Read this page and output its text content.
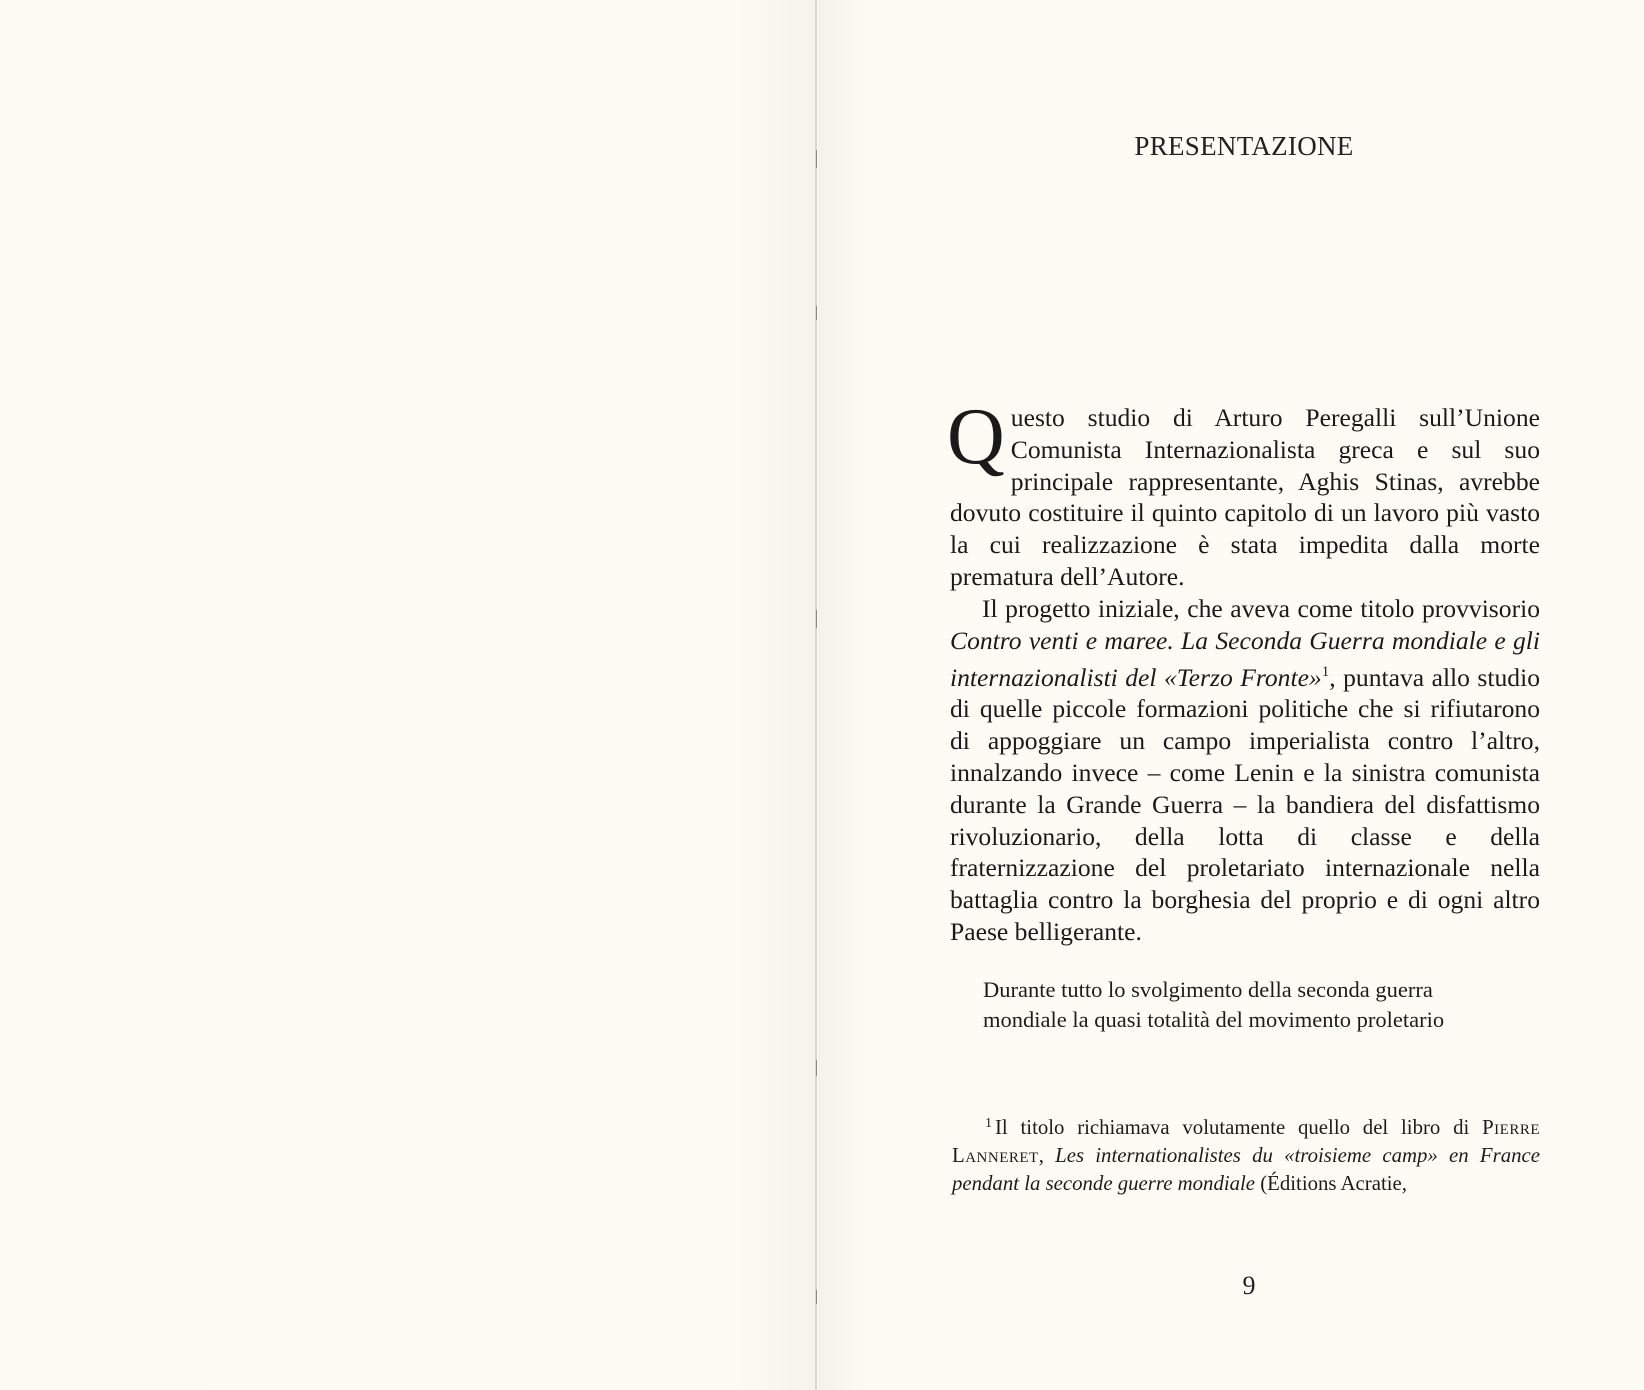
PRESENTAZIONE
Questo studio di Arturo Peregalli sull’Unione Comunista Internazionalista greca e sul suo principale rappresentante, Aghis Stinas, avrebbe dovuto costituire il quinto capitolo di un lavoro più vasto la cui realizzazione è stata impedita dalla morte prematura dell’Autore.
Il progetto iniziale, che aveva come titolo provvisorio Contro venti e maree. La Seconda Guerra mondiale e gli internazionalisti del «Terzo Fronte»$^1$, puntava allo studio di quelle piccole formazioni politiche che si rifiutarono di appoggiare un campo imperialista contro l’altro, innalzando invece – come Lenin e la sinistra comunista durante la Grande Guerra – la bandiera del disfattismo rivoluzionario, della lotta di classe e della fraternizzazione del proletariato internazionale nella battaglia contro la borghesia del proprio e di ogni altro Paese belligerante.
Durante tutto lo svolgimento della seconda guerra mondiale la quasi totalità del movimento proletario
$^1$ Il titolo richiamava volutamente quello del libro di Pierre Lanneret, Les internationalistes du «troisieme camp» en France pendant la seconde guerre mondiale (Éditions Acratie,
9
